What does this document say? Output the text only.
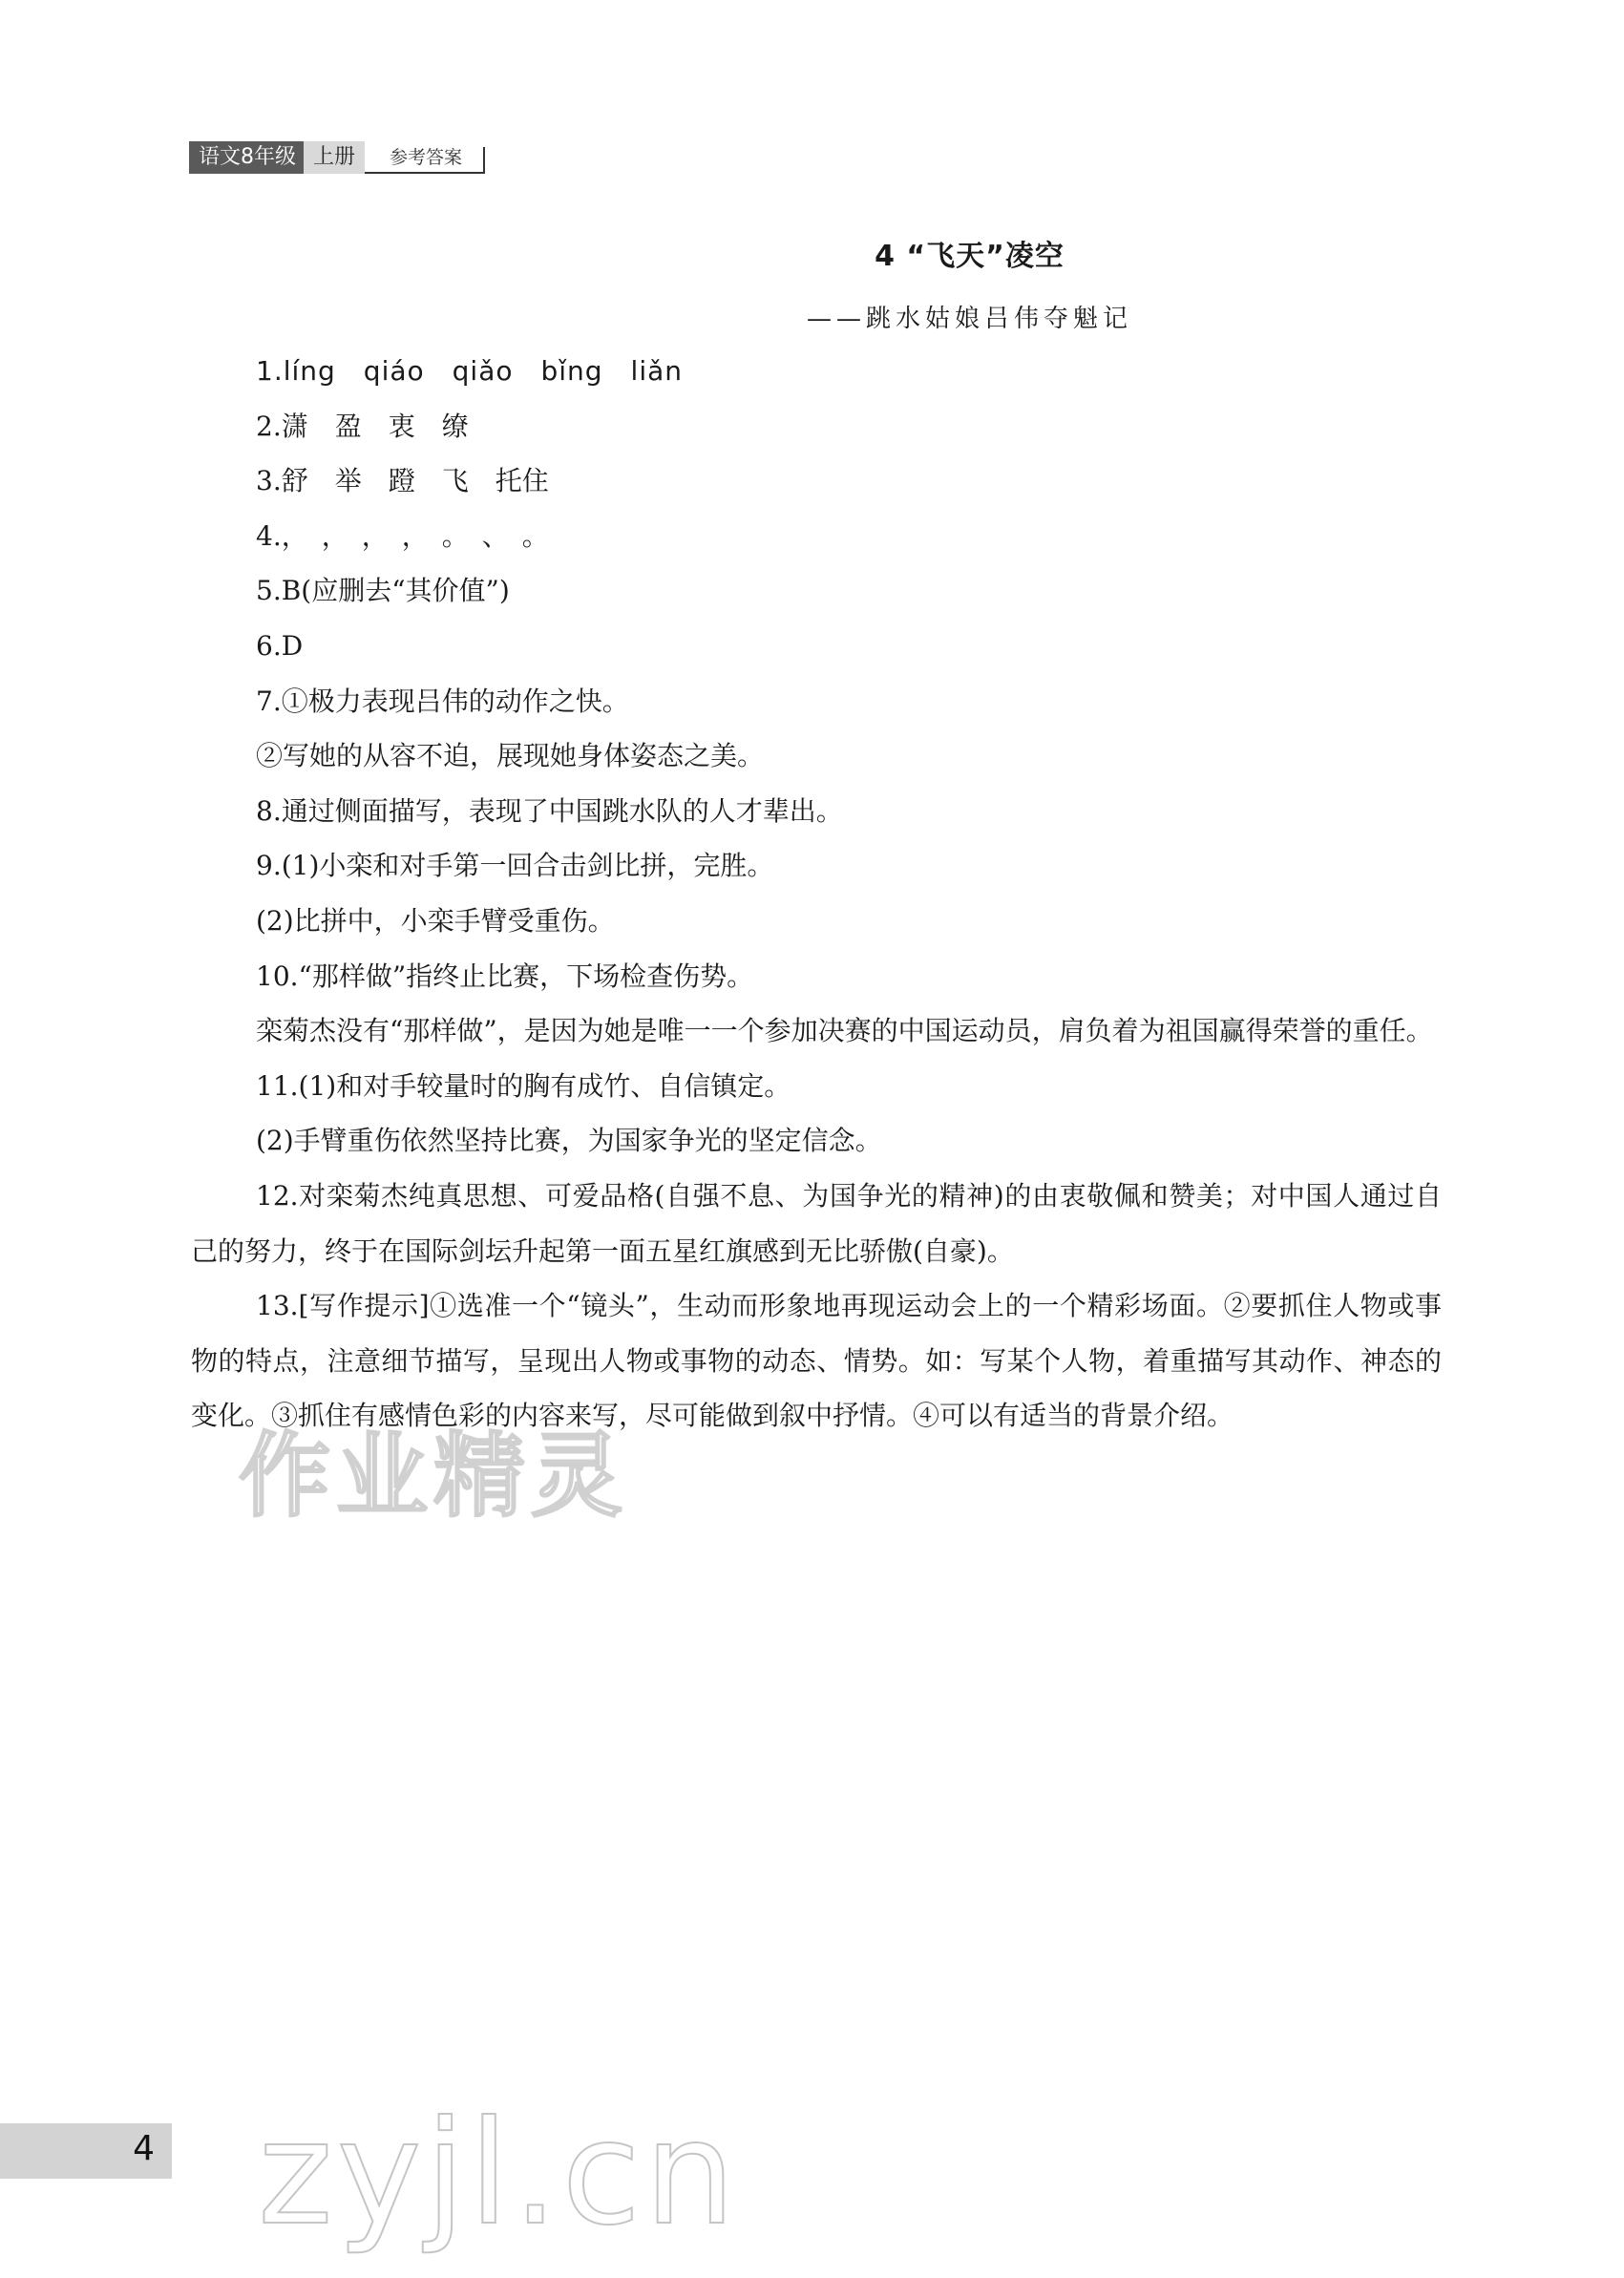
语文8年级 上册	参考答案
4 “飞天”凌空
——跳水姑娘吕伟夺魁记

1.líng　qiáo　qiǎo　bǐng　liǎn

2.潇　盈　衷　缭

3.舒　举　蹬　飞　托住

4.，　，　，　，　。　、　。

5.B(应删去“其价值”)

6.D

7.①极力表现吕伟的动作之快。

②写她的从容不迫，展现她身体姿态之美。

8.通过侧面描写，表现了中国跳水队的人才辈出。

9.(1)小栾和对手第一回合击剑比拼，完胜。

(2)比拼中，小栾手臂受重伤。

10.“那样做”指终止比赛，下场检查伤势。

栾菊杰没有“那样做”，是因为她是唯一一个参加决赛的中国运动员，肩负着为祖国赢得荣誉的重任。

11.(1)和对手较量时的胸有成竹、自信镇定。

(2)手臂重伤依然坚持比赛，为国家争光的坚定信念。

12.对栾菊杰纯真思想、可爱品格(自强不息、为国争光的精神)的由衷敬佩和赞美；对中国人通过自己的努力，终于在国际剑坛升起第一面五星红旗感到无比骄傲(自豪)。

13.[写作提示]①选准一个“镜头”，生动而形象地再现运动会上的一个精彩场面。②要抓住人物或事物的特点，注意细节描写，呈现出人物或事物的动态、情势。如：写某个人物，着重描写其动作、神态的变化。③抓住有感情色彩的内容来写，尽可能做到叙中抒情。④可以有适当的背景介绍。

作业精灵
zyjl.cn
4
